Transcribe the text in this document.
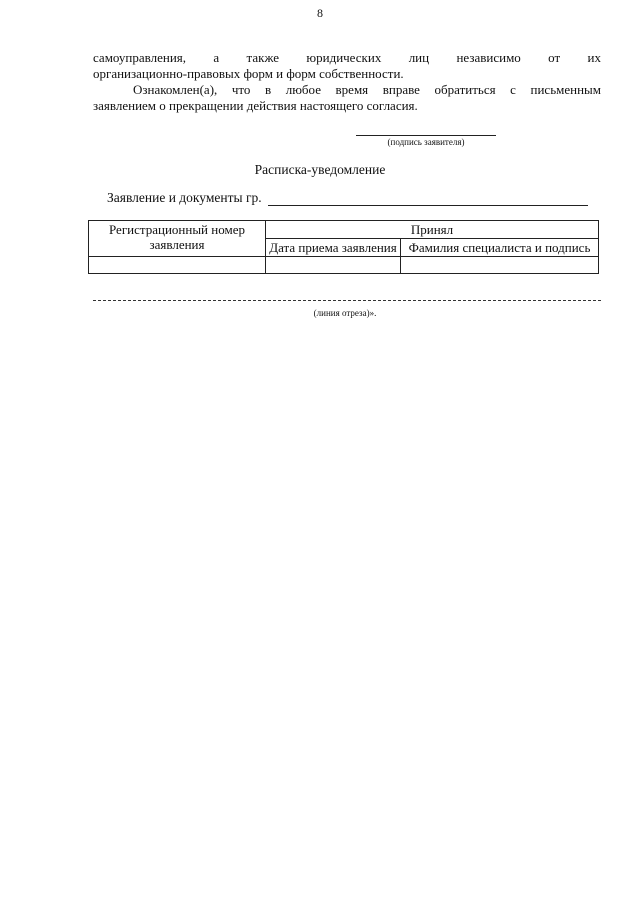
8
самоуправления, а также юридических лиц независимо от их
организационно-правовых форм и форм собственности.
Ознакомлен(а), что в любое время вправе обратиться с письменным
заявлением о прекращении действия настоящего согласия.
(подпись заявителя)
Расписка-уведомление
Заявление и документы гр.
Регистрационный номер заявления	Принял	
	Дата приема заявления	Фамилия специалиста и подпись

(линия отреза)».
